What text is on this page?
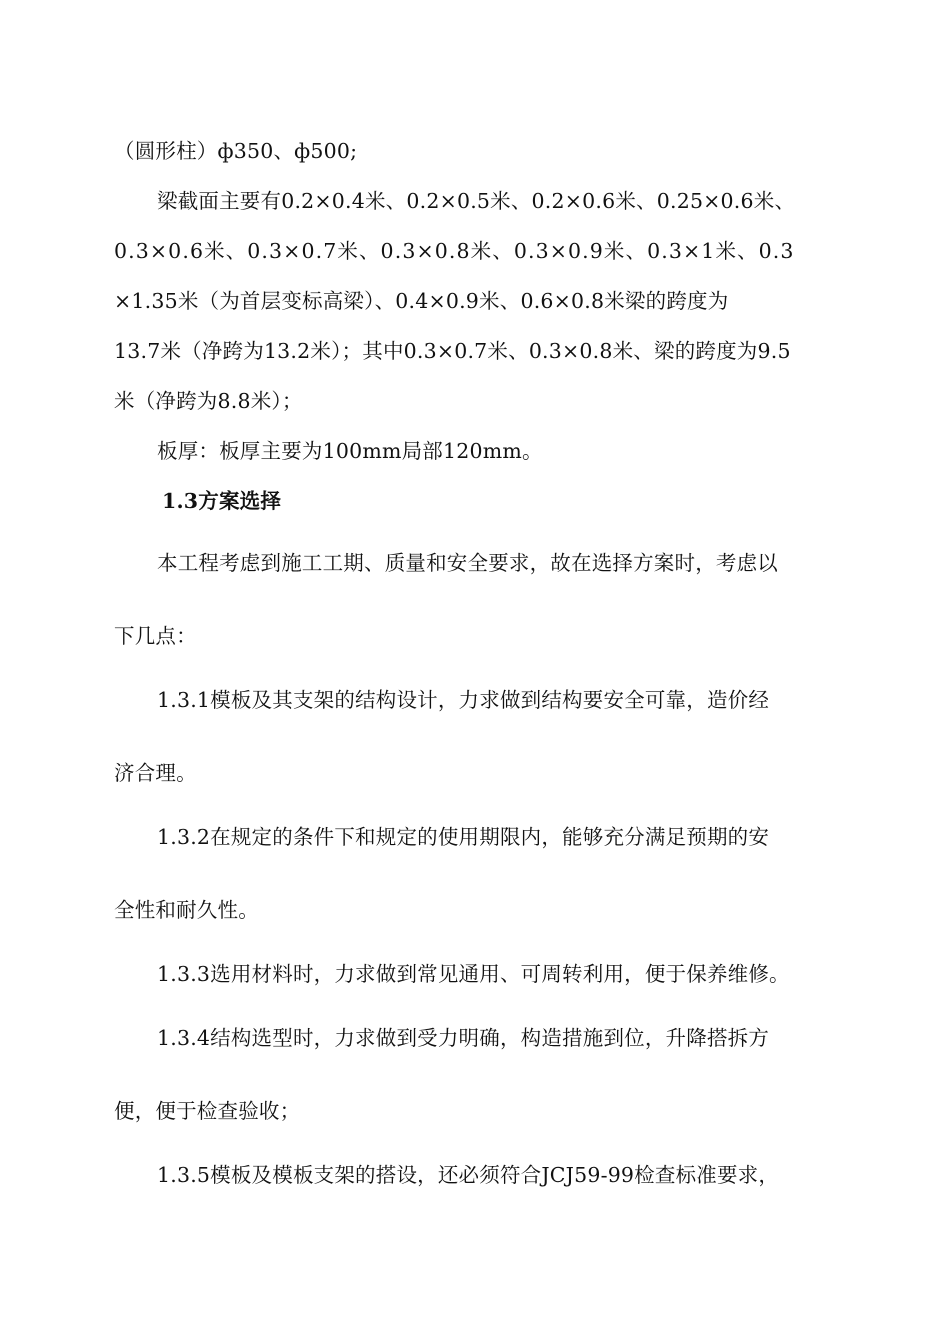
（圆形柱）ф350、ф500;
梁截面主要有0.2×0.4米、0.2×0.5米、0.2×0.6米、0.25×0.6米、
0.3×0.6米、0.3×0.7米、0.3×0.8米、0.3×0.9米、0.3×1米、0.3
×1.35米（为首层变标高梁）、0.4×0.9米、0.6×0.8米梁的跨度为
13.7米（净跨为13.2米）；其中0.3×0.7米、0.3×0.8米、梁的跨度为9.5
米（净跨为8.8米）；
板厚：板厚主要为100mm局部120mm。
1.3方案选择
本工程考虑到施工工期、质量和安全要求，故在选择方案时，考虑以
下几点：
1.3.1模板及其支架的结构设计，力求做到结构要安全可靠，造价经
济合理。
1.3.2在规定的条件下和规定的使用期限内，能够充分满足预期的安
全性和耐久性。
1.3.3选用材料时，力求做到常见通用、可周转利用，便于保养维修。
1.3.4结构选型时，力求做到受力明确，构造措施到位，升降搭拆方
便，便于检查验收；
1.3.5模板及模板支架的搭设，还必须符合JCJ59-99检查标准要求，
